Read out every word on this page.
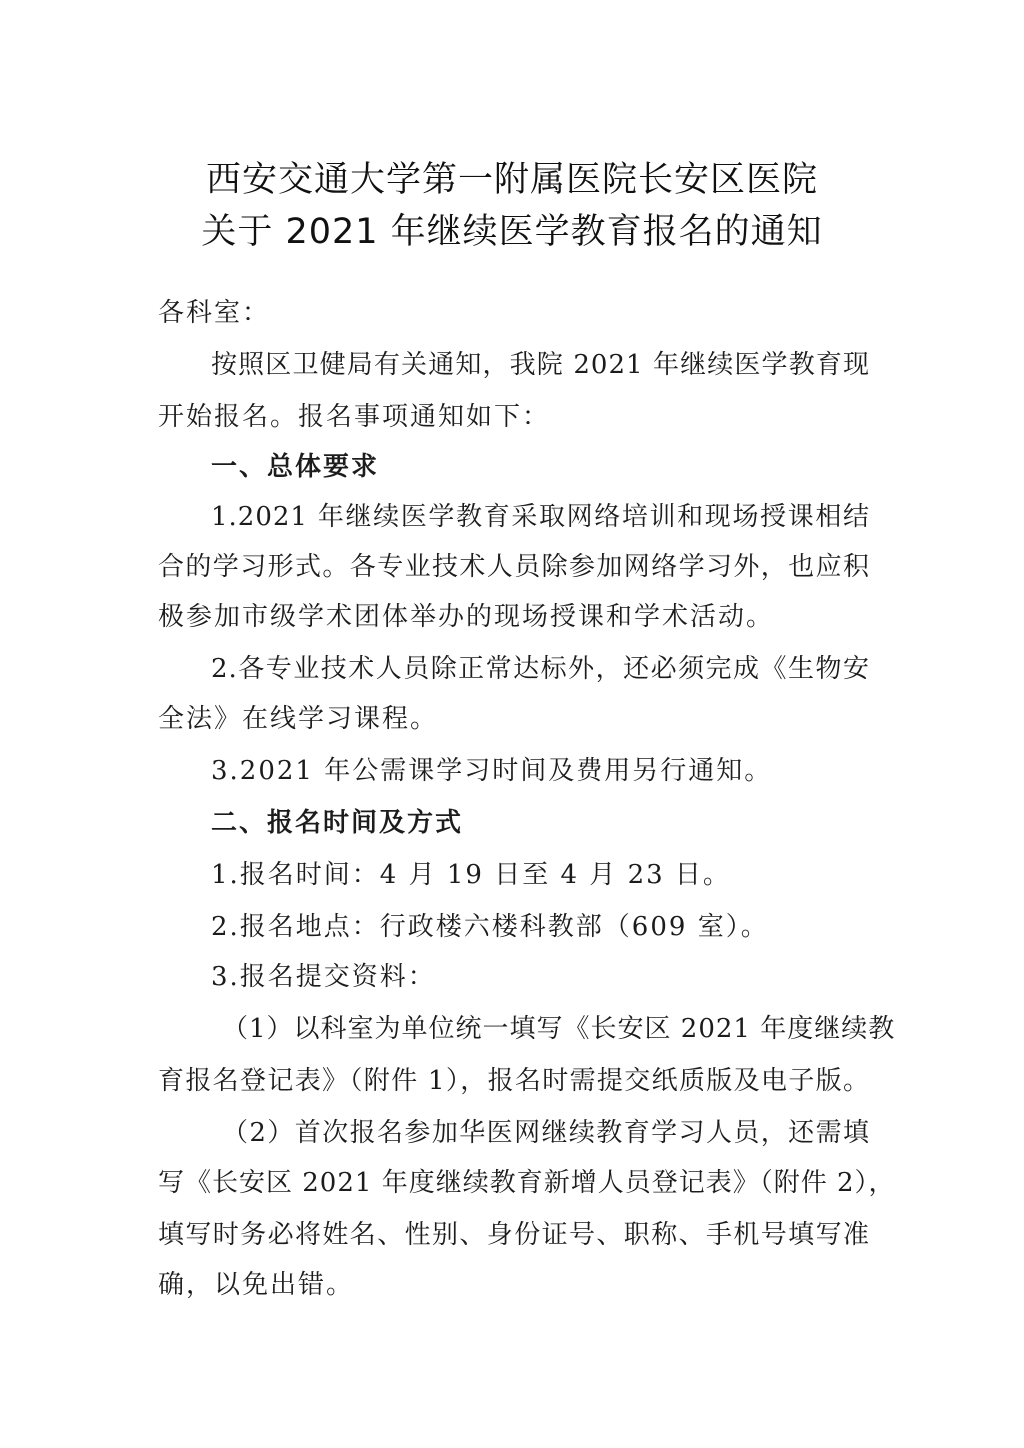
西安交通大学第一附属医院长安区医院
关于 2021 年继续医学教育报名的通知
各科室：
按照区卫健局有关通知，我院 2021 年继续医学教育现
开始报名。报名事项通知如下：
一、总体要求
1.2021 年继续医学教育采取网络培训和现场授课相结
合的学习形式。各专业技术人员除参加网络学习外，也应积
极参加市级学术团体举办的现场授课和学术活动。
2.各专业技术人员除正常达标外，还必须完成《生物安
全法》在线学习课程。
3.2021 年公需课学习时间及费用另行通知。
二、报名时间及方式
1.报名时间：4 月 19 日至 4 月 23 日。
2.报名地点：行政楼六楼科教部（609 室）。
3.报名提交资料：
（1）以科室为单位统一填写《长安区 2021 年度继续教
育报名登记表》（附件 1），报名时需提交纸质版及电子版。
（2）首次报名参加华医网继续教育学习人员，还需填
写《长安区 2021 年度继续教育新增人员登记表》（附件 2），
填写时务必将姓名、性别、身份证号、职称、手机号填写准
确，以免出错。
